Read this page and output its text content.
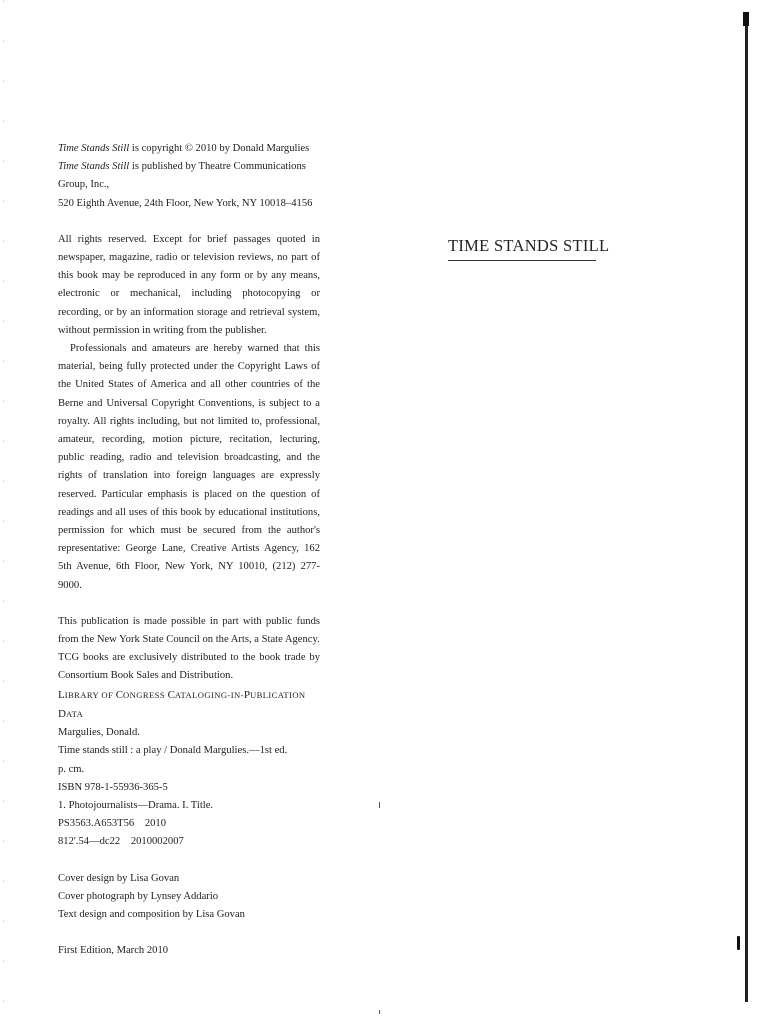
Time Stands Still is copyright © 2010 by Donald Margulies

Time Stands Still is published by Theatre Communications Group, Inc.,

520 Eighth Avenue, 24th Floor, New York, NY 10018–4156

All rights reserved. Except for brief passages quoted in newspaper, magazine, radio or television reviews, no part of this book may be reproduced in any form or by any means, electronic or mechanical, including photocopying or recording, or by an information storage and retrieval system, without permission in writing from the publisher.

Professionals and amateurs are hereby warned that this material, being fully protected under the Copyright Laws of the United States of America and all other countries of the Berne and Universal Copyright Conventions, is subject to a royalty. All rights including, but not limited to, professional, amateur, recording, motion picture, recitation, lecturing, public reading, radio and television broadcasting, and the rights of translation into foreign languages are expressly reserved. Particular emphasis is placed on the question of readings and all uses of this book by educational institutions, permission for which must be secured from the author's representative: George Lane, Creative Artists Agency, 162 5th Avenue, 6th Floor, New York, NY 10010, (212) 277-9000.

This publication is made possible in part with public funds from the New York State Council on the Arts, a State Agency.

TCG books are exclusively distributed to the book trade by Consortium Book Sales and Distribution.

LIBRARY OF CONGRESS CATALOGING-IN-PUBLICATION DATA

Margulies, Donald.

Time stands still : a play / Donald Margulies.—1st ed.

p. cm.

ISBN 978-1-55936-365-5

1. Photojournalists—Drama. I. Title.

PS3563.A653T56    2010

812'.54—dc22    2010002007

Cover design by Lisa Govan

Cover photograph by Lynsey Addario

Text design and composition by Lisa Govan

First Edition, March 2010

TIME STANDS STILL
